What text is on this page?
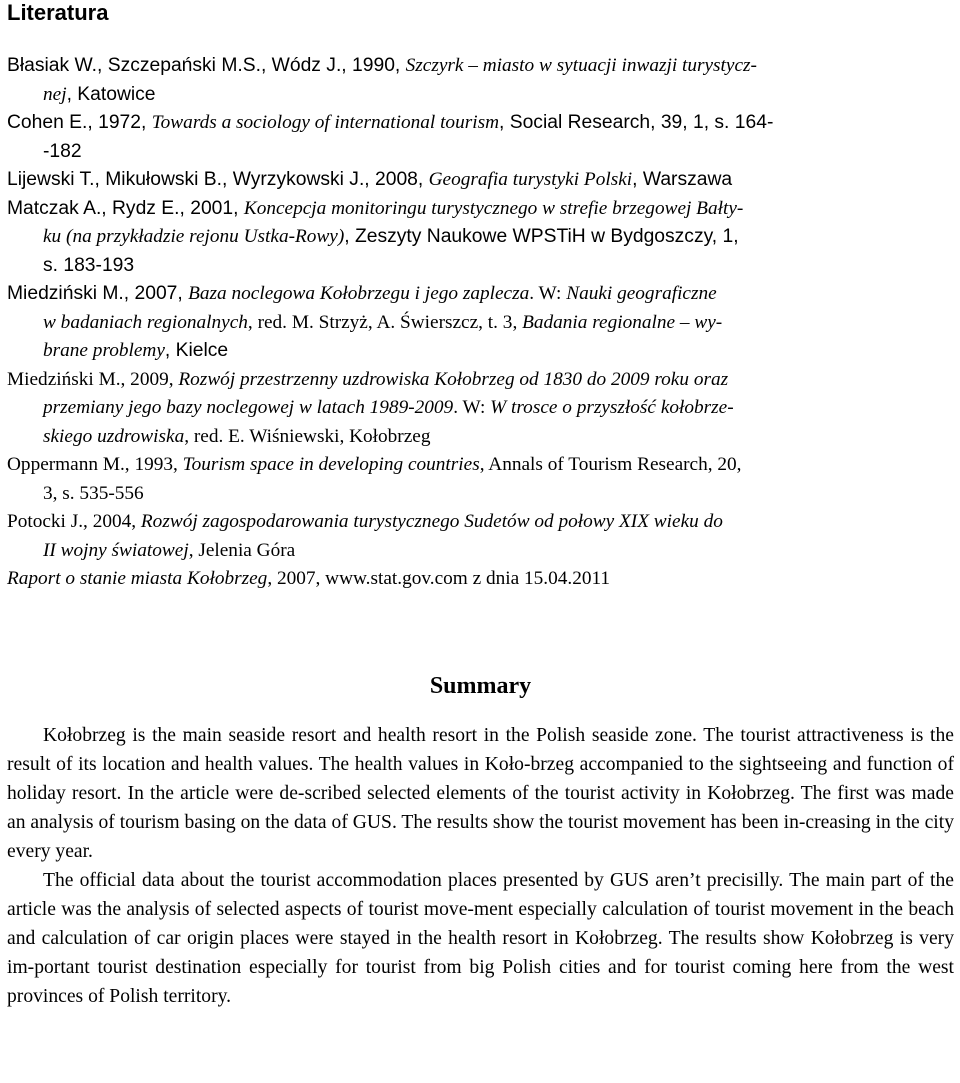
Literatura
Błasiak W., Szczepański M.S., Wódz J., 1990, Szczyrk – miasto w sytuacji inwazji turystycz-
nej, Katowice
Cohen E., 1972, Towards a sociology of international tourism, Social Research, 39, 1, s. 164-
-182
Lijewski T., Mikułowski B., Wyrzykowski J., 2008, Geografia turystyki Polski, Warszawa
Matczak A., Rydz E., 2001, Koncepcja monitoringu turystycznego w strefie brzegowej Bałty-
ku (na przykładzie rejonu Ustka-Rowy), Zeszyty Naukowe WPSTiH w Bydgoszczy, 1,
s. 183-193
Miedziński M., 2007, Baza noclegowa Kołobrzegu i jego zaplecza. W: Nauki geograficzne
w badaniach regionalnych, red. M. Strzyż, A. Świerszcz, t. 3, Badania regionalne – wy-
brane problemy, Kielce
Miedziński M., 2009, Rozwój przestrzenny uzdrowiska Kołobrzeg od 1830 do 2009 roku oraz
przemiany jego bazy noclegowej w latach 1989-2009. W: W trosce o przyszłość kołobrze-
skiego uzdrowiska, red. E. Wiśniewski, Kołobrzeg
Oppermann M., 1993, Tourism space in developing countries, Annals of Tourism Research, 20,
3, s. 535-556
Potocki J., 2004, Rozwój zagospodarowania turystycznego Sudetów od połowy XIX wieku do
II wojny światowej, Jelenia Góra
Raport o stanie miasta Kołobrzeg, 2007, www.stat.gov.com z dnia 15.04.2011
Summary

Kołobrzeg is the main seaside resort and health resort in the Polish seaside zone. The tourist attractiveness is the result of its location and health values. The health values in Koło-brzeg accompanied to the sightseeing and function of holiday resort. In the article were de-scribed selected elements of the tourist activity in Kołobrzeg. The first was made an analysis of tourism basing on the data of GUS. The results show the tourist movement has been in-creasing in the city every year.

The official data about the tourist accommodation places presented by GUS aren’t precisilly. The main part of the article was the analysis of selected aspects of tourist move-ment especially calculation of tourist movement in the beach and calculation of car origin places were stayed in the health resort in Kołobrzeg. The results show Kołobrzeg is very im-portant tourist destination especially for tourist from big Polish cities and for tourist coming here from the west provinces of Polish territory.
